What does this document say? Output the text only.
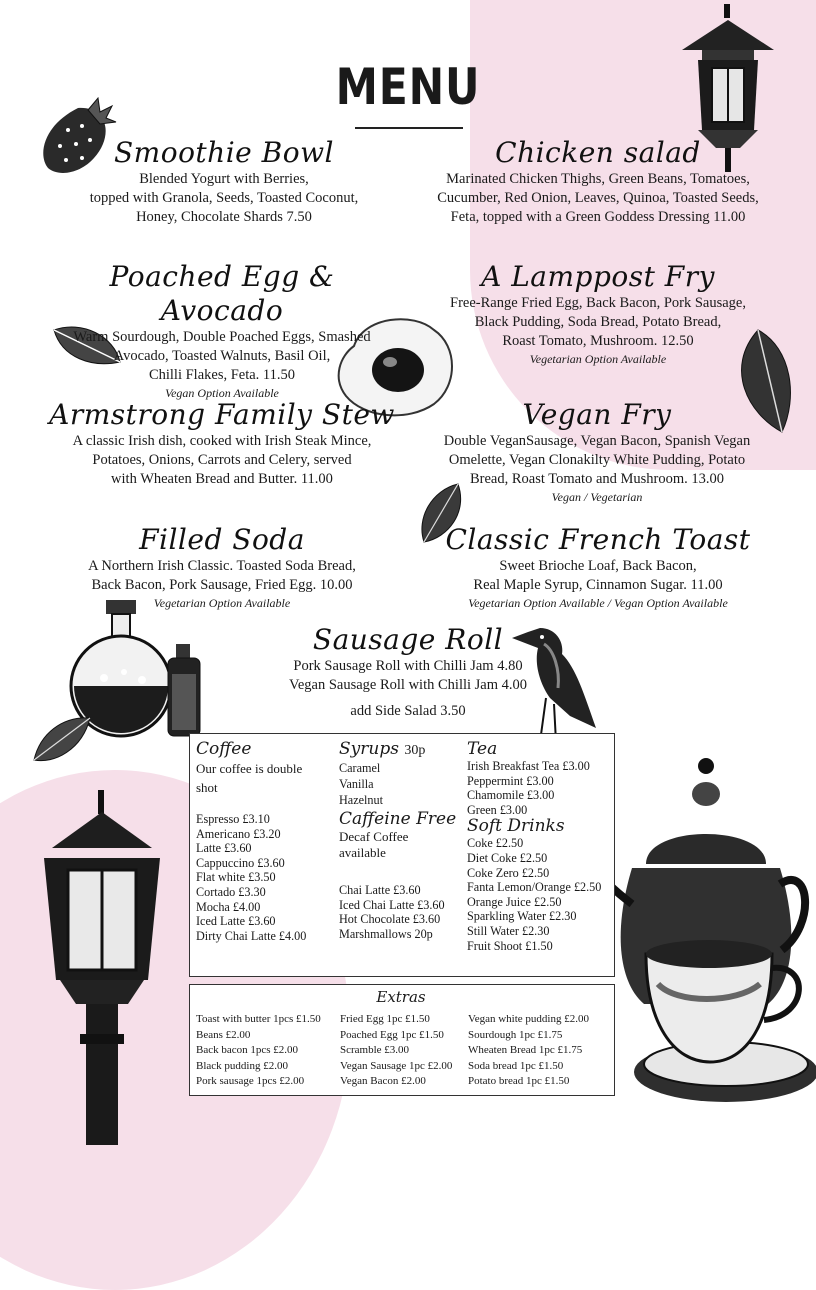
MENU
Smoothie Bowl
Blended Yogurt with Berries,
topped with Granola, Seeds, Toasted Coconut,
Honey, Chocolate Shards 7.50
Chicken salad
Marinated Chicken Thighs, Green Beans, Tomatoes,
Cucumber, Red Onion, Leaves, Quinoa, Toasted Seeds,
Feta, topped with a Green Goddess Dressing 11.00
Poached Egg & Avocado
Warm Sourdough, Double Poached Eggs, Smashed
Avocado, Toasted Walnuts, Basil Oil,
Chilli Flakes, Feta. 11.50
Vegan Option Available
A Lamppost Fry
Free-Range Fried Egg, Back Bacon, Pork Sausage,
Black Pudding, Soda Bread, Potato Bread,
Roast Tomato, Mushroom. 12.50
Vegetarian Option Available
Armstrong Family Stew
A classic Irish dish, cooked with Irish Steak Mince,
Potatoes, Onions, Carrots and Celery, served
with Wheaten Bread and Butter. 11.00
Vegan Fry
Double VeganSausage, Vegan Bacon, Spanish Vegan
Omelette, Vegan Clonakilty White Pudding, Potato
Bread, Roast Tomato and Mushroom. 13.00
Vegan / Vegetarian
Filled Soda
A Northern Irish Classic. Toasted Soda Bread,
Back Bacon, Pork Sausage, Fried Egg. 10.00
Vegetarian Option Available
Classic French Toast
Sweet Brioche Loaf, Back Bacon,
Real Maple Syrup, Cinnamon Sugar. 11.00
Vegetarian Option Available / Vegan Option Available
Sausage Roll
Pork Sausage Roll with Chilli Jam 4.80
Vegan Sausage Roll with Chilli Jam 4.00
add Side Salad 3.50
Coffee
Our coffee is double
shot
Espresso £3.10
Americano £3.20
Latte £3.60
Cappuccino £3.60
Flat white £3.50
Cortado £3.30
Mocha £4.00
Iced Latte £3.60
Dirty Chai Latte £4.00
Syrups 30p
Caramel
Vanilla
Hazelnut
Caffeine Free
Decaf Coffee
available
Chai Latte £3.60
Iced Chai Latte £3.60
Hot Chocolate £3.60
Marshmallows 20p
Tea
Irish Breakfast Tea £3.00
Peppermint £3.00
Chamomile £3.00
Green £3.00
Soft Drinks
Coke £2.50
Diet Coke £2.50
Coke Zero £2.50
Fanta Lemon/Orange £2.50
Orange Juice £2.50
Sparkling Water £2.30
Still Water £2.30
Fruit Shoot £1.50
Extras
Toast with butter 1pcs £1.50
Beans £2.00
Back bacon 1pcs £2.00
Black pudding £2.00
Pork sausage 1pcs £2.00
Fried Egg 1pc £1.50
Poached Egg 1pc £1.50
Scramble £3.00
Vegan Sausage 1pc £2.00
Vegan Bacon £2.00
Vegan white pudding £2.00
Sourdough 1pc £1.75
Wheaten Bread 1pc £1.75
Soda bread 1pc £1.50
Potato bread 1pc £1.50
